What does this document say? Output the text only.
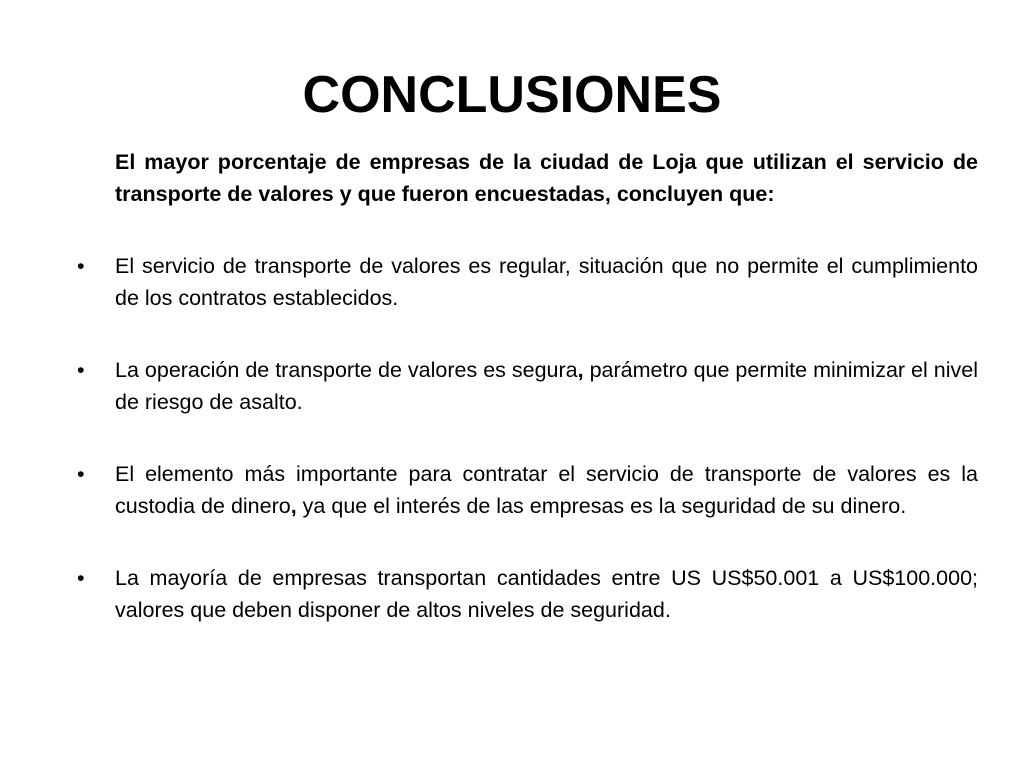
CONCLUSIONES

El mayor porcentaje de empresas de la ciudad de Loja que utilizan el servicio de transporte de valores y que fueron encuestadas, concluyen que:

• El servicio de transporte de valores es regular, situación que no permite el cumplimiento de los contratos establecidos.
• La operación de transporte de valores es segura, parámetro que permite minimizar el nivel de riesgo de asalto.
• El elemento más importante para contratar el servicio de transporte de valores es la custodia de dinero, ya que el interés de las empresas es la seguridad de su dinero.
• La mayoría de empresas transportan cantidades entre US US$50.001 a US$100.000; valores que deben disponer de altos niveles de seguridad.
